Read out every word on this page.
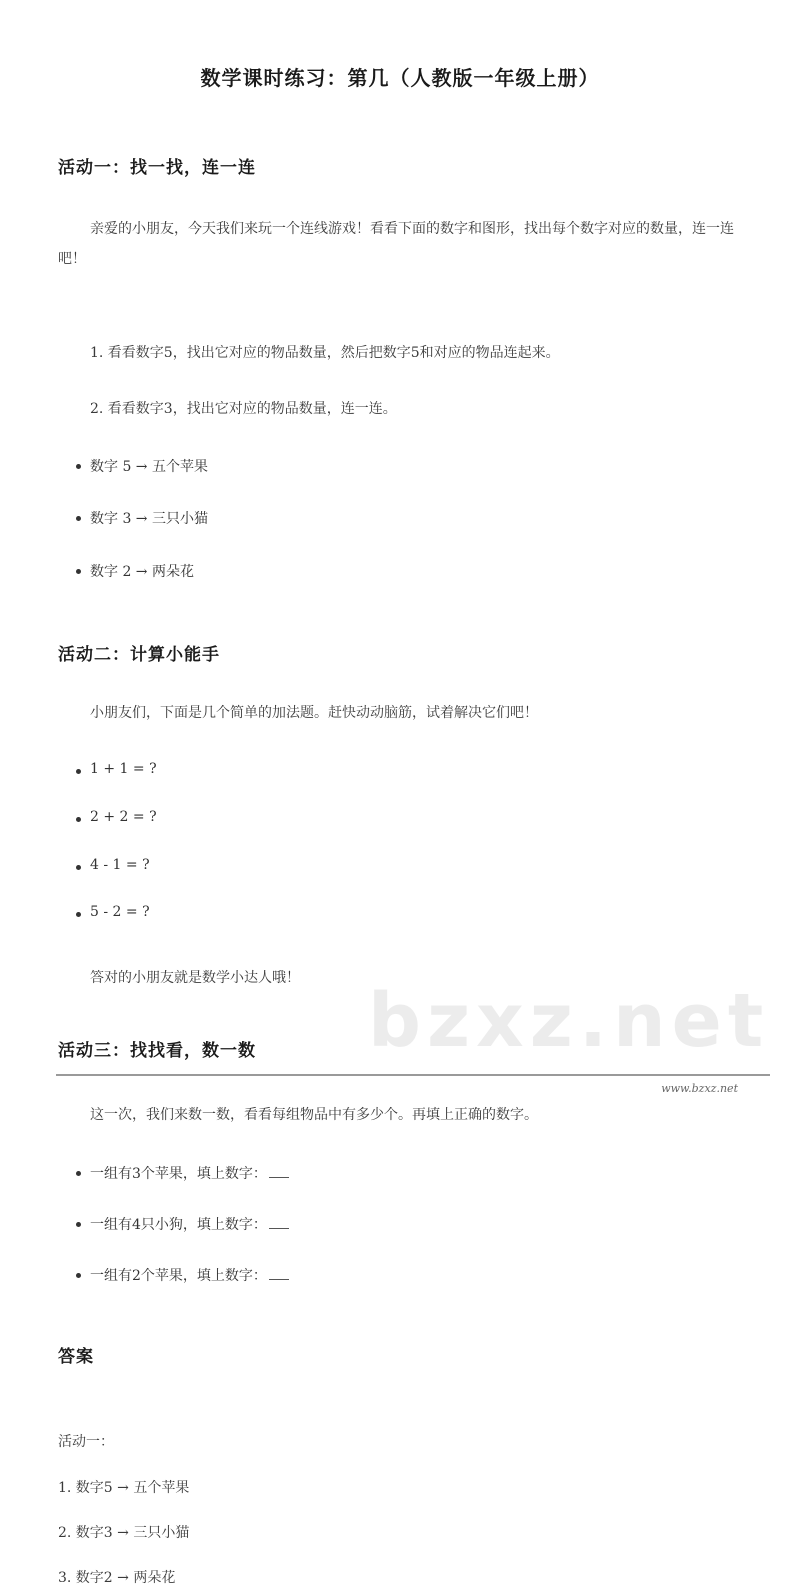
bzxz.net
数学课时练习：第几（人教版一年级上册）
活动一：找一找，连一连
亲爱的小朋友，今天我们来玩一个连线游戏！看看下面的数字和图形，找出每个数字对应的数量，连一连吧！
1. 看看数字5，找出它对应的物品数量，然后把数字5和对应的物品连起来。
2. 看看数字3，找出它对应的物品数量，连一连。
数字 5 → 五个苹果
数字 3 → 三只小猫
数字 2 → 两朵花
活动二：计算小能手
小朋友们，下面是几个简单的加法题。赶快动动脑筋，试着解决它们吧！
1 + 1 = ?
2 + 2 = ?
4 - 1 = ?
5 - 2 = ?
答对的小朋友就是数学小达人哦！
活动三：找找看，数一数
这一次，我们来数一数，看看每组物品中有多少个。再填上正确的数字。
一组有3个苹果，填上数字：
一组有4只小狗，填上数字：
一组有2个苹果，填上数字：
答案
活动一：
1. 数字5 → 五个苹果
2. 数字3 → 三只小猫
3. 数字2 → 两朵花
www.bzxz.net
